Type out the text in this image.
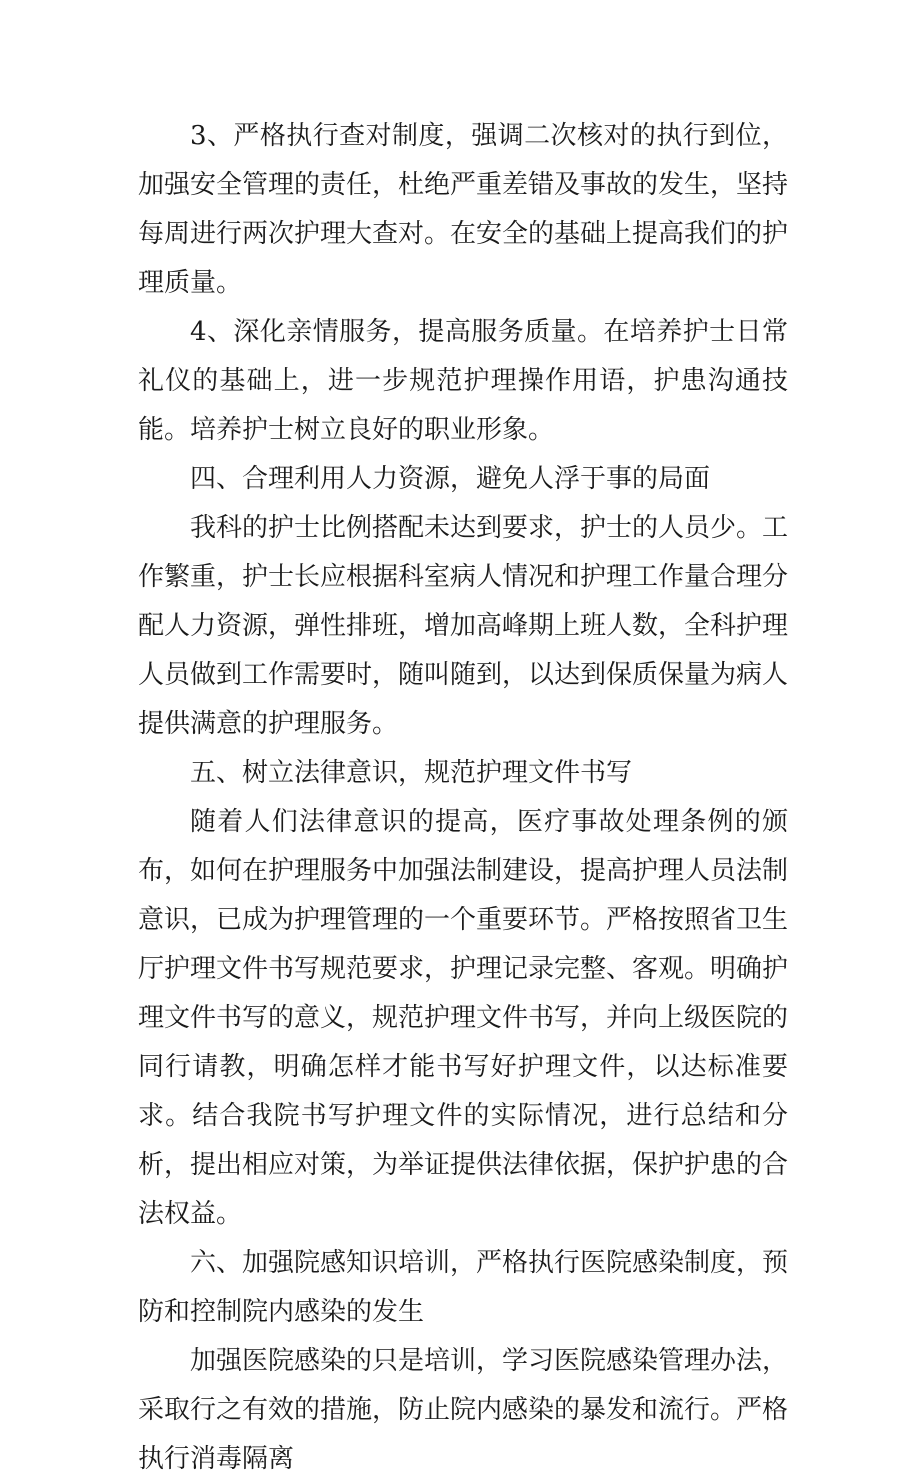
3、严格执行查对制度，强调二次核对的执行到位，加强安全管理的责任，杜绝严重差错及事故的发生，坚持每周进行两次护理大查对。在安全的基础上提高我们的护理质量。

4、深化亲情服务，提高服务质量。在培养护士日常礼仪的基础上，进一步规范护理操作用语，护患沟通技能。培养护士树立良好的职业形象。

四、合理利用人力资源，避免人浮于事的局面

我科的护士比例搭配未达到要求，护士的人员少。工作繁重，护士长应根据科室病人情况和护理工作量合理分配人力资源，弹性排班，增加高峰期上班人数，全科护理人员做到工作需要时，随叫随到，以达到保质保量为病人提供满意的护理服务。

五、树立法律意识，规范护理文件书写

随着人们法律意识的提高，医疗事故处理条例的颁布，如何在护理服务中加强法制建设，提高护理人员法制意识，已成为护理管理的一个重要环节。严格按照省卫生厅护理文件书写规范要求，护理记录完整、客观。明确护理文件书写的意义，规范护理文件书写，并向上级医院的同行请教，明确怎样才能书写好护理文件，以达标准要求。结合我院书写护理文件的实际情况，进行总结和分析，提出相应对策，为举证提供法律依据，保护护患的合法权益。

六、加强院感知识培训，严格执行医院感染制度，预防和控制院内感染的发生

加强医院感染的只是培训，学习医院感染管理办法，采取行之有效的措施，防止院内感染的暴发和流行。严格执行消毒隔离
